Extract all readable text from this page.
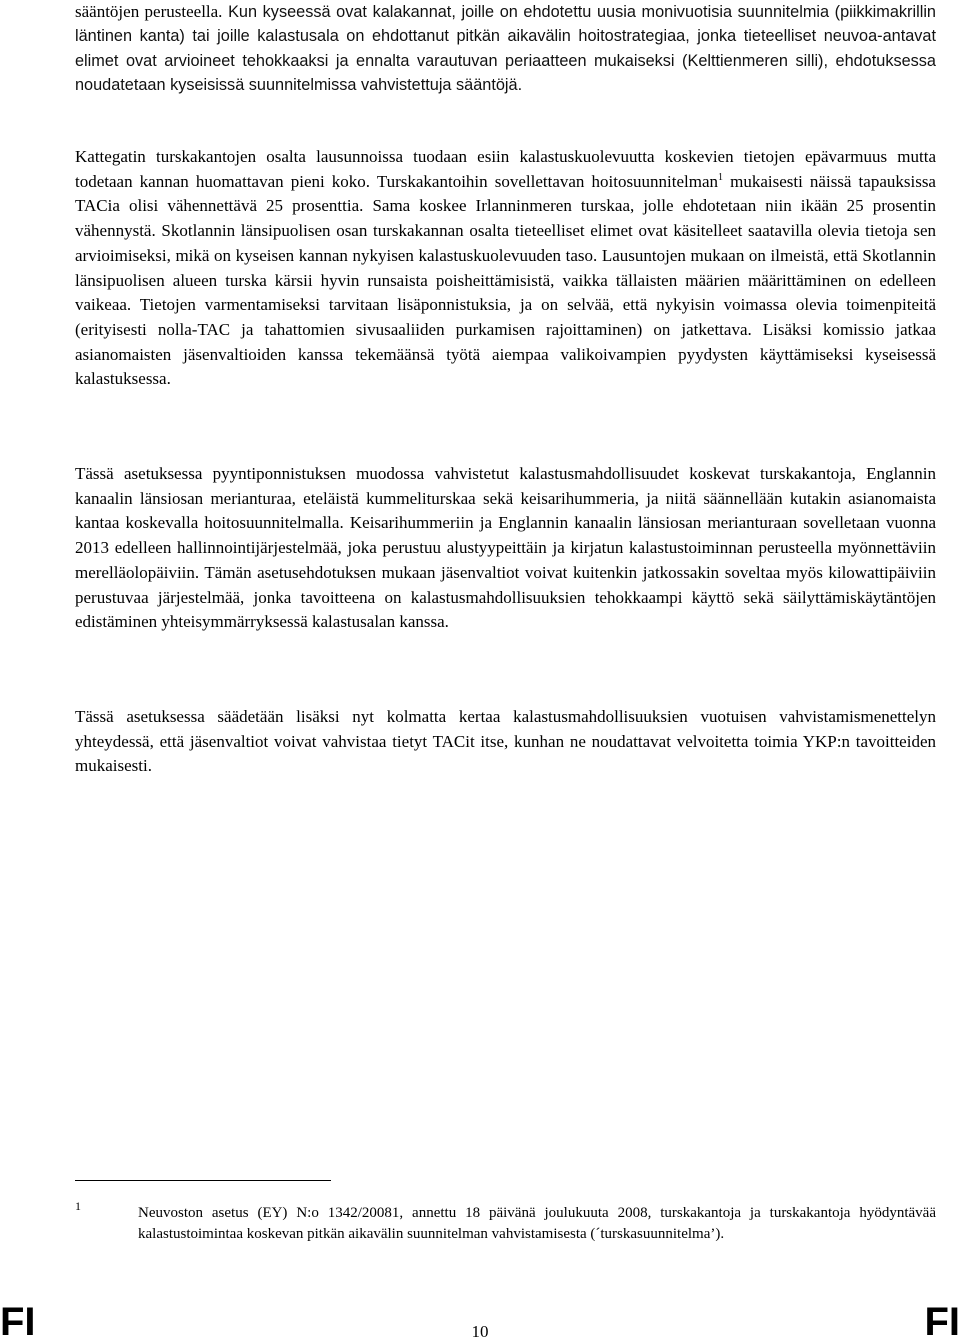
sääntöjen perusteella. Kun kyseessä ovat kalakannat, joille on ehdotettu uusia monivuotisia suunnitelmia (piikkimakrillin läntinen kanta) tai joille kalastusala on ehdottanut pitkän aikavälin hoitostrategiaa, jonka tieteelliset neuvoa-antavat elimet ovat arvioineet tehokkaaksi ja ennalta varautuvan periaatteen mukaiseksi (Kelttienmeren silli), ehdotuksessa noudatetaan kyseisissä suunnitelmissa vahvistettuja sääntöjä.

Kattegatin turskakantojen osalta lausunnoissa tuodaan esiin kalastuskuolevuutta koskevien tietojen epävarmuus mutta todetaan kannan huomattavan pieni koko. Turskakantoihin sovellettavan hoitosuunnitelman$^1$ mukaisesti näissä tapauksissa TACia olisi vähennettävä 25 prosenttia. Sama koskee Irlanninmeren turskaa, jolle ehdotetaan niin ikään 25 prosentin vähennystä. Skotlannin länsipuolisen osan turskakannan osalta tieteelliset elimet ovat käsitelleet saatavilla olevia tietoja sen arvioimiseksi, mikä on kyseisen kannan nykyisen kalastuskuolevuuden taso. Lausuntojen mukaan on ilmeistä, että Skotlannin länsipuolisen alueen turska kärsii hyvin runsaista poisheittämisistä, vaikka tällaisten määrien määrittäminen on edelleen vaikeaa. Tietojen varmentamiseksi tarvitaan lisäponnistuksia, ja on selvää, että nykyisin voimassa olevia toimenpiteitä (erityisesti nolla-TAC ja tahattomien sivusaaliiden purkamisen rajoittaminen) on jatkettava. Lisäksi komissio jatkaa asianomaisten jäsenvaltioiden kanssa tekemäänsä työtä aiempaa valikoivampien pyydysten käyttämiseksi kyseisessä kalastuksessa.

Tässä asetuksessa pyyntiponnistuksen muodossa vahvistetut kalastusmahdollisuudet koskevat turskakantoja, Englannin kanaalin länsiosan merianturaa, eteläistä kummeliturskaa sekä keisarihummeria, ja niitä säännellään kutakin asianomaista kantaa koskevalla hoitosuunnitelmalla. Keisarihummeriin ja Englannin kanaalin länsiosan merianturaan sovelletaan vuonna 2013 edelleen hallinnointijärjestelmää, joka perustuu alustyypeittäin ja kirjatun kalastustoiminnan perusteella myönnettäviin merelläolopäiviin. Tämän asetusehdotuksen mukaan jäsenvaltiot voivat kuitenkin jatkossakin soveltaa myös kilowattipäiviin perustuvaa järjestelmää, jonka tavoitteena on kalastusmahdollisuuksien tehokkaampi käyttö sekä säilyttämiskäytäntöjen edistäminen yhteisymmärryksessä kalastusalan kanssa.

Tässä asetuksessa säädetään lisäksi nyt kolmatta kertaa kalastusmahdollisuuksien vuotuisen vahvistamismenettelyn yhteydessä, että jäsenvaltiot voivat vahvistaa tietyt TACit itse, kunhan ne noudattavat velvoitetta toimia YKP:n tavoitteiden mukaisesti.

1	Neuvoston asetus (EY) N:o 1342/20081, annettu 18 päivänä joulukuuta 2008, turskakantoja ja turskakantoja hyödyntävää kalastustoimintaa koskevan pitkän aikavälin suunnitelman vahvistamisesta (´turskasuunnitelma’).

FI	10	FI
